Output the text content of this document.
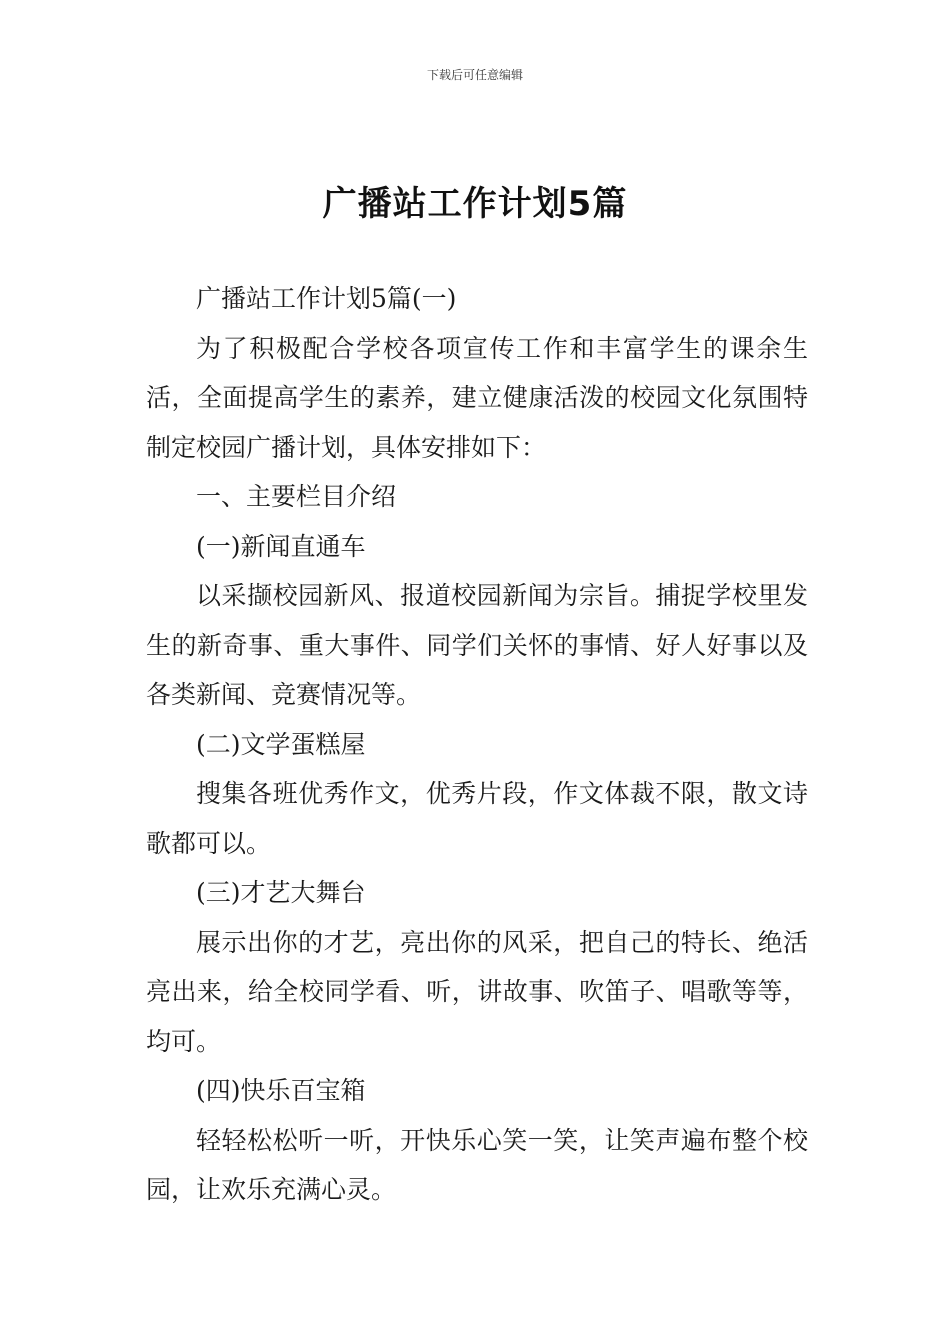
下载后可任意编辑
广播站工作计划5篇

广播站工作计划5篇(一)

为了积极配合学校各项宣传工作和丰富学生的课余生活，全面提高学生的素养，建立健康活泼的校园文化氛围特制定校园广播计划，具体安排如下：

一、主要栏目介绍

(一)新闻直通车

以采撷校园新风、报道校园新闻为宗旨。捕捉学校里发生的新奇事、重大事件、同学们关怀的事情、好人好事以及各类新闻、竞赛情况等。

(二)文学蛋糕屋

搜集各班优秀作文，优秀片段，作文体裁不限，散文诗歌都可以。

(三)才艺大舞台

展示出你的才艺，亮出你的风采，把自己的特长、绝活亮出来，给全校同学看、听，讲故事、吹笛子、唱歌等等，均可。

(四)快乐百宝箱

轻轻松松听一听，开快乐心笑一笑，让笑声遍布整个校园，让欢乐充满心灵。
